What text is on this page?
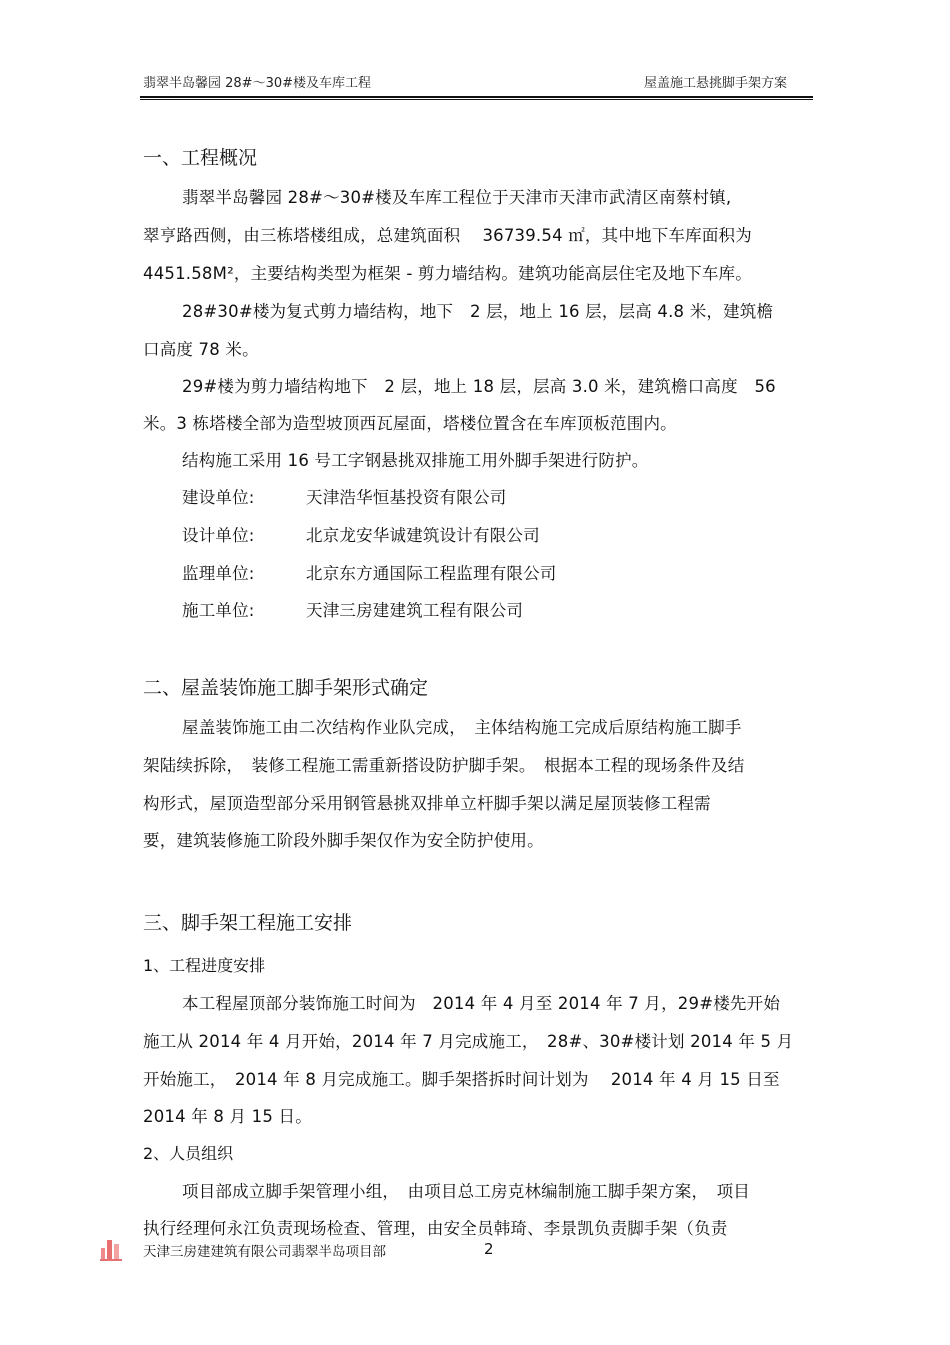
翡翠半岛馨园 28#～30#楼及车库工程	屋盖施工悬挑脚手架方案
一、工程概况
翡翠半岛馨园 28#～30#楼及车库工程位于天津市天津市武清区南蔡村镇,
翠亨路西侧，由三栋塔楼组成，总建筑面积　 36739.54 ㎡，其中地下车库面积为
4451.58M²，主要结构类型为框架 - 剪力墙结构。建筑功能高层住宅及地下车库。
28#30#楼为复式剪力墙结构，地下　2 层，地上 16 层，层高 4.8 米，建筑檐
口高度 78 米。
29#楼为剪力墙结构地下　2 层，地上 18 层，层高 3.0 米，建筑檐口高度　56
米。3 栋塔楼全部为造型坡顶西瓦屋面，塔楼位置含在车库顶板范围内。
结构施工采用 16 号工字钢悬挑双排施工用外脚手架进行防护。
建设单位:	天津浩华恒基投资有限公司
设计单位:	北京龙安华诚建筑设计有限公司
监理单位:	北京东方通国际工程监理有限公司
施工单位:	天津三房建建筑工程有限公司
二、屋盖装饰施工脚手架形式确定
屋盖装饰施工由二次结构作业队完成，　主体结构施工完成后原结构施工脚手
架陆续拆除，　装修工程施工需重新搭设防护脚手架。　根据本工程的现场条件及结
构形式，屋顶造型部分采用钢管悬挑双排单立杆脚手架以满足屋顶装修工程需
要，建筑装修施工阶段外脚手架仅作为安全防护使用。
三、脚手架工程施工安排
1、工程进度安排
本工程屋顶部分装饰施工时间为　2014 年 4 月至 2014 年 7 月，29#楼先开始
施工从 2014 年 4 月开始，2014 年 7 月完成施工，　28#、30#楼计划 2014 年 5 月
开始施工，　2014 年 8 月完成施工。脚手架搭拆时间计划为　 2014 年 4 月 15 日至
2014 年 8 月 15 日。
2、人员组织
项目部成立脚手架管理小组，　由项目总工房克林编制施工脚手架方案，　项目
执行经理何永江负责现场检查、管理，由安全员韩琦、李景凯负责脚手架（负责
天津三房建建筑有限公司翡翠半岛项目部	2
